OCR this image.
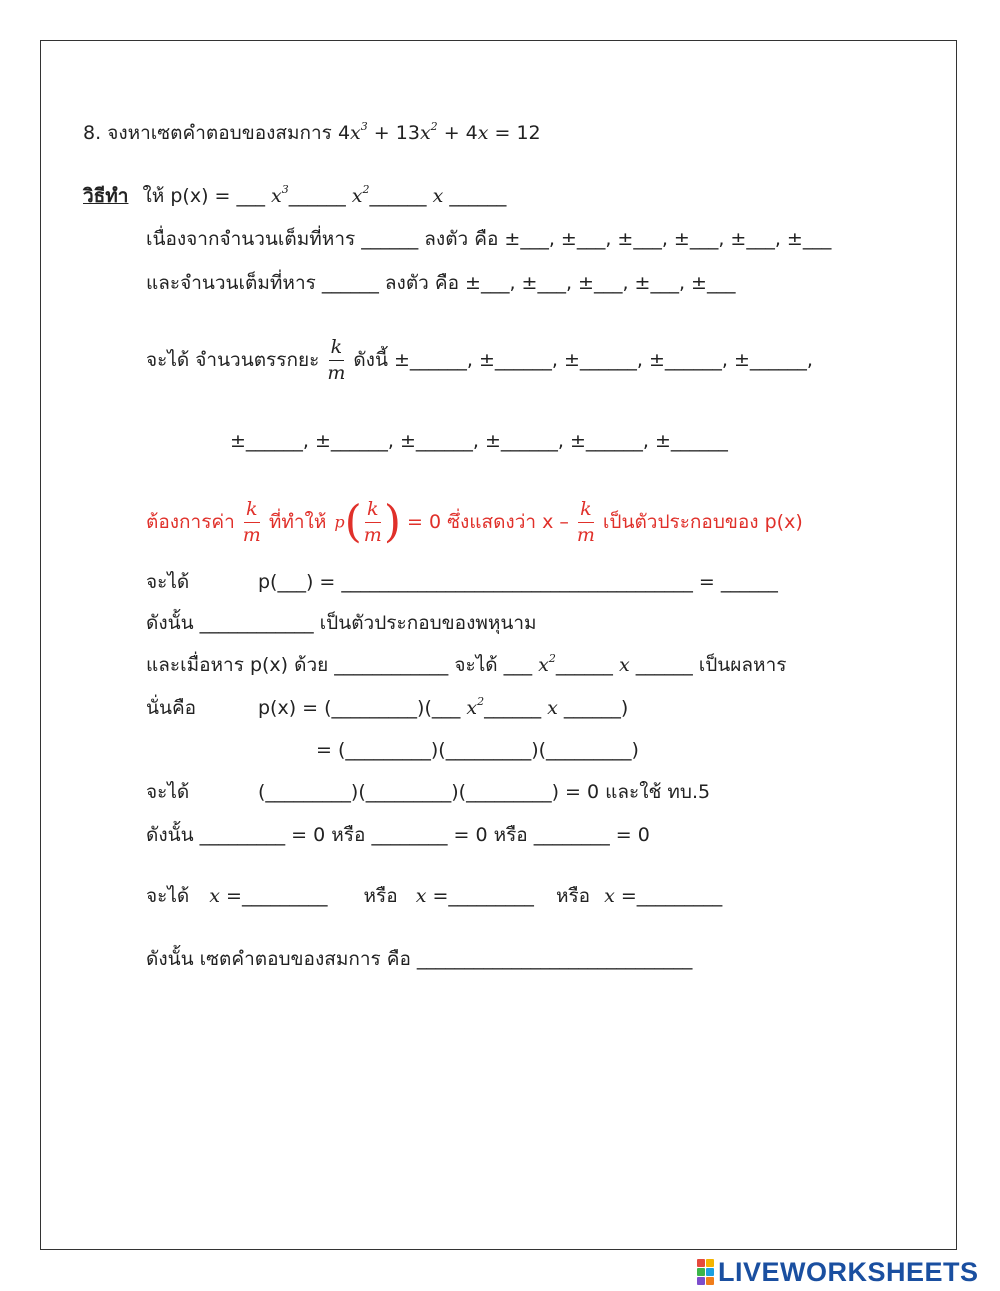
8. จงหาเซตคำตอบของสมการ $4x^3 + 13x^2 + 4x = 12$
วิธีทำ ให้ p(x) = ___ $x^3\_\_\_\_\_\_$ $x^2\_\_\_\_\_\_$ x ______
เนื่องจากจำนวนเต็มที่หาร ______ ลงตัว คือ ±___, ±___, ±___, ±___, ±___, ±___
และจำนวนเต็มที่หาร ______ ลงตัว คือ ±___, ±___, ±___, ±___, ±___
จะได้ จำนวนตรรกยะ $\frac{k}{m}$ ดังนี้ ±______, ±______, ±______, ±______, ±______,
±______, ±______, ±______, ±______, ±______, ±______
ต้องการค่า $\frac{k}{m}$ ที่ทำให้ $p( \frac{k}{m}$ ) = 0 ซึ่งแสดงว่า x – $\frac{k}{m}$ เป็นตัวประกอบของ p(x)
จะได้	p(___) = _____________________________________ = ______
ดังนั้น ____________ เป็นตัวประกอบของพหุนาม
และเมื่อหาร p(x) ด้วย ____________ จะได้ ___ $x^2\_\_\_\_\_\_$ x ______ เป็นผลหาร
นั่นคือ	p(x) = (_________)(___ $x^2\_\_\_\_\_\_$ x ______)
= (_________)(_________)(_________)
จะได้	(_________)(_________)(_________) = 0 และใช้ ทบ.5
ดังนั้น _________ = 0 หรือ ________ = 0 หรือ ________ = 0
จะได้ x =_________ หรือ x =_________ หรือ x =_________
ดังนั้น เซตคำตอบของสมการ คือ _____________________________
LIVEWORKSHEETS
